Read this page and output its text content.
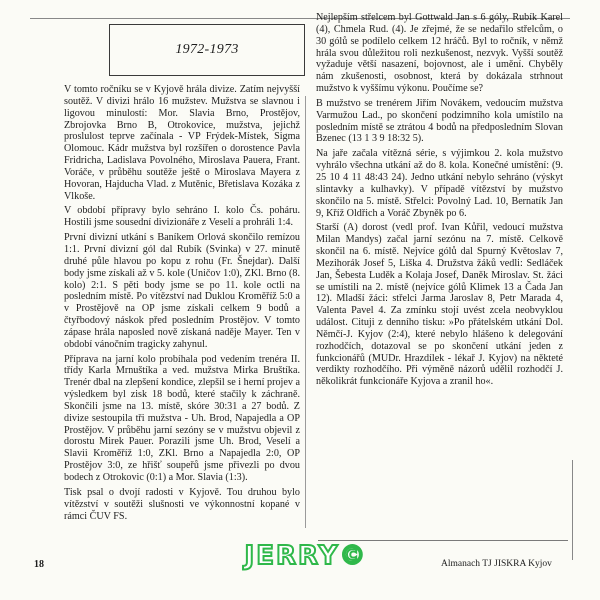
1972-1973

V tomto ročníku se v Kyjově hrála divize. Zatím nejvyšší soutěž. V divizi hrálo 16 mužstev. Mužstva se slavnou i ligovou minulostí: Mor. Slavia Brno, Prostějov, Zbrojovka Brno B, Otrokovice, mužstva, jejichž proslulost teprve začínala - VP Frýdek-Místek, Sigma Olomouc. Kádr mužstva byl rozšířen o dorostence Pavla Fridricha, Ladislava Povolného, Miroslava Pauera, Frant. Voráče, v průběhu soutěže ještě o Miroslava Mayera z Hovoran, Hajducha Vlad. z Mutěnic, Břetislava Kozáka z Vlkoše.

V období přípravy bylo sehráno I. kolo Čs. poháru. Hostili jsme sousední divizionáře z Veselí a prohráli 1:4.

První divizní utkání s Baníkem Orlová skončilo remízou 1:1. První divizní gól dal Rubík (Svinka) v 27. minutě druhé půle hlavou po kopu z rohu (Fr. Šnejdar). Další body jsme získali až v 5. kole (Uničov 1:0), ZKl. Brno (8. kolo) 2:1. S pěti body jsme se po 11. kole octli na posledním místě. Po vítězství nad Duklou Kroměříž 5:0 a v Prostějově na OP jsme získali celkem 9 bodů a čtyřbodový náskok před posledním Prostějov. V tomto zápase hrála naposled nově získaná naděje Mayer. Ten v období vánočním tragicky zahynul.

Příprava na jarní kolo probíhala pod vedením trenéra II. třídy Karla Mrnuštíka a ved. mužstva Mirka Bruštíka. Trenér dbal na zlepšení kondice, zlepšil se i herní projev a výsledkem byl zisk 18 bodů, které stačily k záchraně. Skončili jsme na 13. místě, skóre 30:31 a 27 bodů. Z divize sestoupila tři mužstva - Uh. Brod, Napajedla a OP Prostějov. V průběhu jarní sezóny se v mužstvu objevil z dorostu Mirek Pauer. Porazili jsme Uh. Brod, Veselí a Slavii Kroměříž 1:0, ZKl. Brno a Napajedla 2:0, OP Prostějov 3:0, ze hřišť soupeřů jsme přivezli po dvou bodech z Otrokovic (0:1) a Mor. Slavia (1:3).

Tisk psal o dvojí radosti v Kyjově. Tou druhou bylo vítězství v soutěži slušnosti ve výkonnostní kopané v rámci ČUV FS.

Nejlepším střelcem byl Gottwald Jan s 6 góly, Rubík Karel (4), Chmela Rud. (4). Je zřejmé, že se nedařilo střelcům, o 30 gólů se podílelo celkem 12 hráčů. Byl to ročník, v němž hrála svou důležitou roli nezkušenost, nezvyk. Vyšší soutěž vyžaduje větší nasazení, bojovnost, ale i umění. Chyběly nám zkušenosti, osobnost, která by dokázala strhnout mužstvo k vyššímu výkonu. Poučíme se?

B mužstvo se trenérem Jiřím Novákem, vedoucím mužstva Varmužou Lad., po skončení podzimního kola umístilo na posledním místě se ztrátou 4 bodů na předposledním Slovan Bzenec (13 1 3 9 18:32 5).

Na jaře začala vítězná série, s výjimkou 2. kola mužstvo vyhrálo všechna utkání až do 8. kola. Konečné umístění: (9. 25 10 4 11 48:43 24). Jedno utkání nebylo sehráno (výskyt slintavky a kulhavky). V případě vítězství by mužstvo skončilo na 5. místě. Střelci: Povolný Lad. 10, Bernatík Jan 9, Kříž Oldřich a Voráč Zbyněk po 6.

Starší (A) dorost (vedl prof. Ivan Kůřil, vedoucí mužstva Milan Mandys) začal jarní sezónu na 7. místě. Celkově skončil na 6. místě. Nejvíce gólů dal Spurný Květoslav 7, Mezihorák Josef 5, Liška 4. Družstva žáků vedli: Sedláček Jan, Šebesta Luděk a Kolaja Josef, Daněk Miroslav. St. žáci se umístili na 2. místě (nejvíce gólů Klimek 13 a Čada Jan 12). Mladší žáci: střelci Jarma Jaroslav 8, Petr Marada 4, Valenta Pavel 4. Za zmínku stojí uvést zcela neobvyklou událost. Cituji z denního tisku: »Po přátelském utkání Dol. Němčí-J. Kyjov (2:4), které nebylo hlášeno k delegování rozhodčích, dotazoval se po skončení utkání jeden z funkcionářů (MUDr. Hrazdílek - lékař J. Kyjov) na někteté verdikty rozhodčího. Při výměně názorů udělil rozhodčí J. několikrát funkcionáře Kyjova a zranil ho«.

18	JERRY©	Almanach TJ JISKRA Kyjov
